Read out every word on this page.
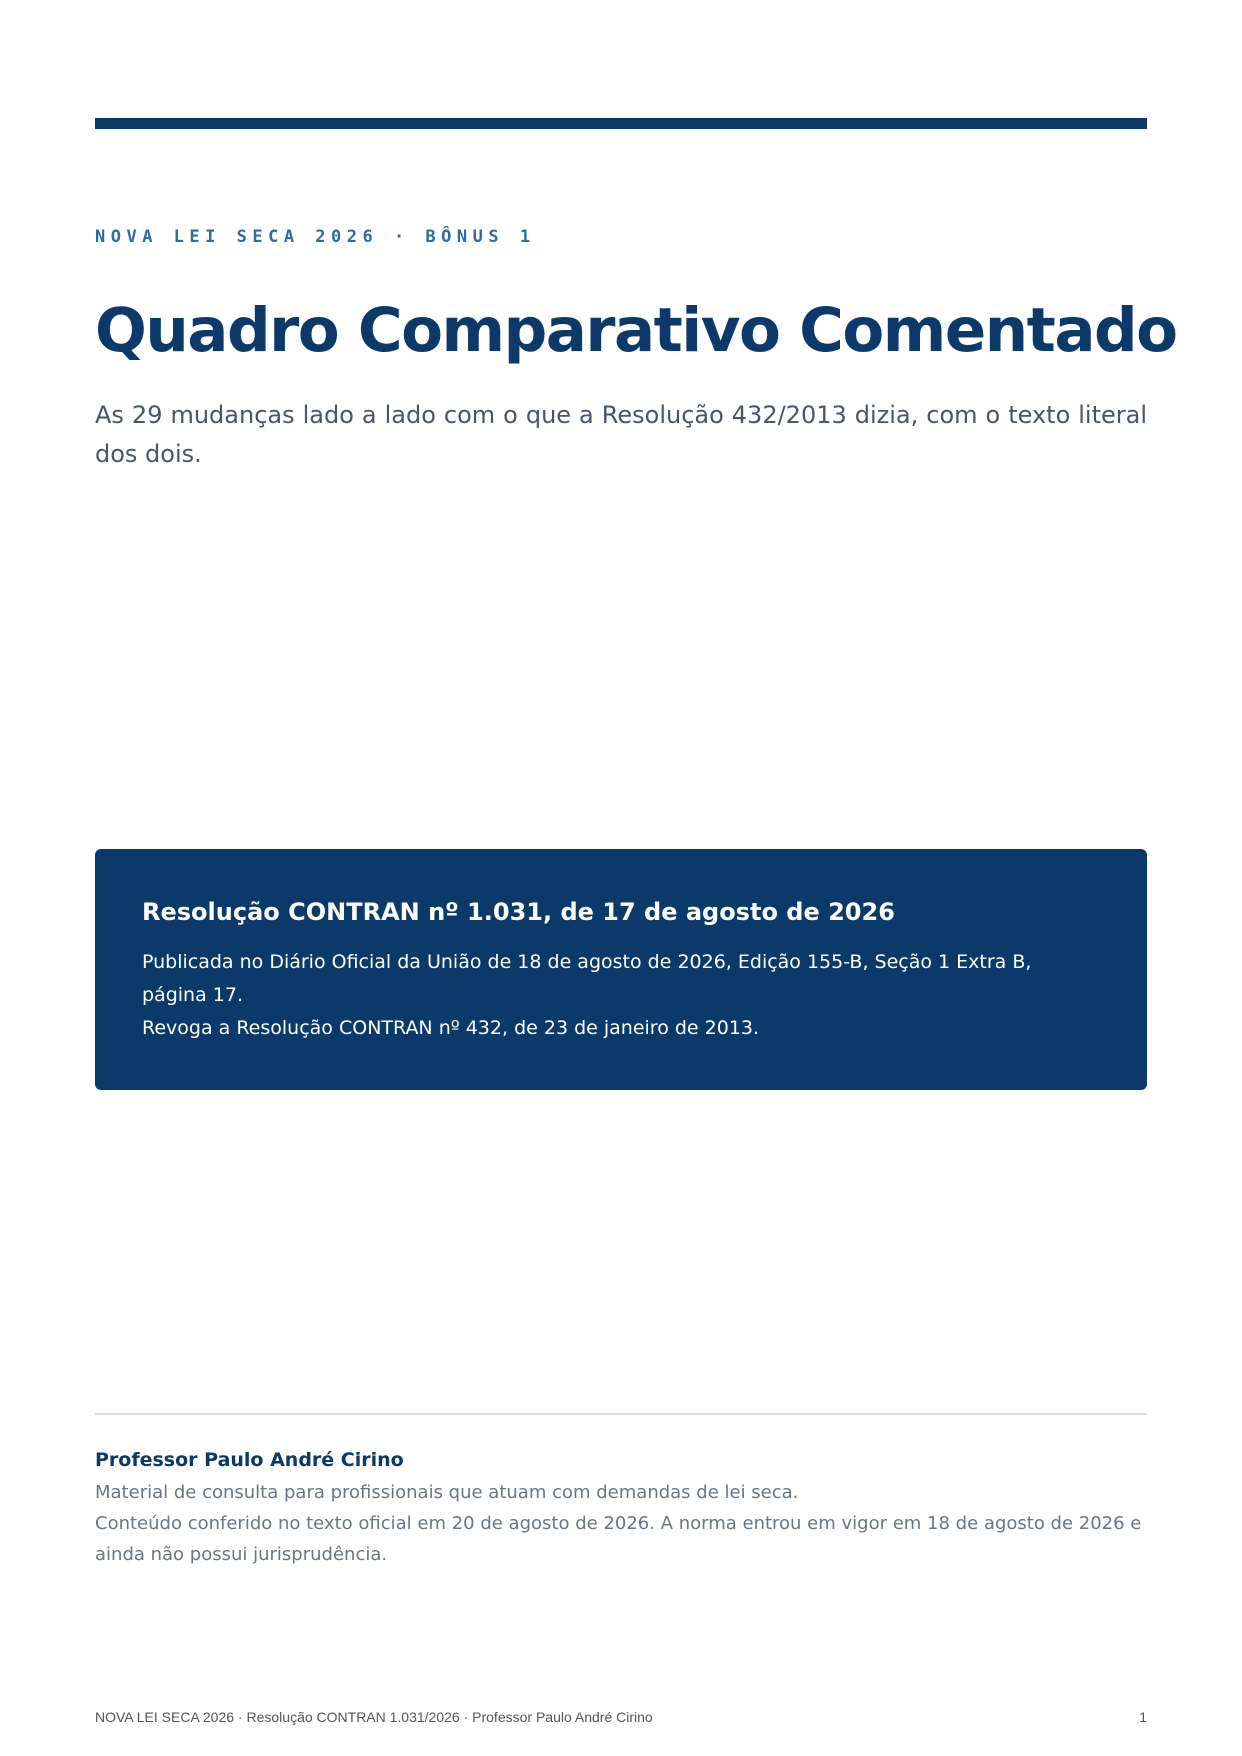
NOVA LEI SECA 2026 · BÔNUS 1
Quadro Comparativo Comentado

As 29 mudanças lado a lado com o que a Resolução 432/2013 dizia, com o texto literal dos dois.

Resolução CONTRAN nº 1.031, de 17 de agosto de 2026
Publicada no Diário Oficial da União de 18 de agosto de 2026, Edição 155-B, Seção 1 Extra B, página 17.
Revoga a Resolução CONTRAN nº 432, de 23 de janeiro de 2013.
Professor Paulo André Cirino
Material de consulta para profissionais que atuam com demandas de lei seca.
Conteúdo conferido no texto oficial em 20 de agosto de 2026. A norma entrou em vigor em 18 de agosto de 2026 e ainda não possui jurisprudência.
NOVA LEI SECA 2026 · Resolução CONTRAN 1.031/2026 · Professor Paulo André Cirino	1
